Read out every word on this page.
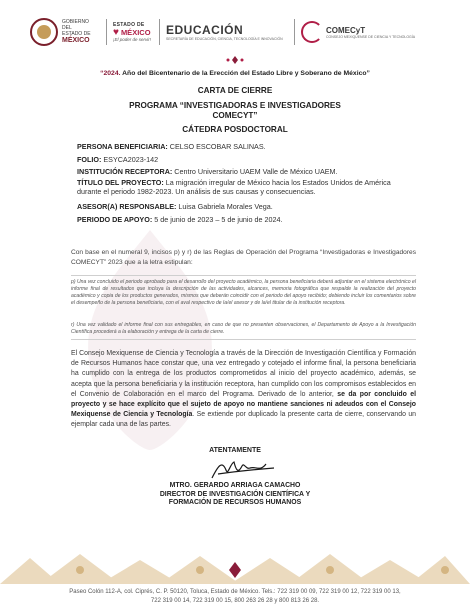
GOBIERNO DEL
ESTADO DE
MÉXICO
ESTADO DE
♥ MÉXICO
¡El poder de servir!
EDUCACIÓN
SECRETARÍA DE EDUCACIÓN, CIENCIA, TECNOLOGÍA E INNOVACIÓN
COMECyT
CONSEJO MEXIQUENSE DE CIENCIA Y TECNOLOGÍA
“2024. Año del Bicentenario de la Erección del Estado Libre y Soberano de México”
CARTA DE CIERRE
PROGRAMA “INVESTIGADORAS E INVESTIGADORES
COMECYT”
CÁTEDRA POSDOCTORAL
PERSONA BENEFICIARIA: CELSO ESCOBAR SALINAS.
FOLIO: ESYCA2023-142
INSTITUCIÓN RECEPTORA: Centro Universitario UAEM Valle de México UAEM.
TÍTULO DEL PROYECTO: La migración irregular de México hacia los Estados Unidos de América durante el periodo 1982-2023. Un análisis de sus causas y consecuencias.
ASESOR(A) RESPONSABLE: Luisa Gabriela Morales Vega.
PERIODO DE APOYO: 5 de junio de 2023 – 5 de junio de 2024.
Con base en el numeral 9, incisos p) y r) de las Reglas de Operación del Programa “Investigadoras e Investigadores COMECYT” 2023 que a la letra estipulan:
p) Una vez concluido el periodo aprobado para el desarrollo del proyecto académico, la persona beneficiaria deberá adjuntar en el sistema electrónico el informe final de resultados que incluya la descripción de las actividades, alcances, memoria fotográfica que respalde la realización del proyecto académico y copia de los productos generados, mismos que deberán coincidir con el periodo del apoyo recibido; debiendo incluir los comentarios sobre el desempeño de la persona beneficiaria, con el aval respectivo de la/el asesor y de la/el titular de la institución receptora.
r) Una vez validado el informe final con sus entregables, en caso de que no presenten observaciones, el Departamento de Apoyo a la Investigación Científica procederá a la elaboración y entrega de la carta de cierre.
El Consejo Mexiquense de Ciencia y Tecnología a través de la Dirección de Investigación Científica y Formación de Recursos Humanos hace constar que, una vez entregado y cotejado el informe final, la persona beneficiaria ha cumplido con la entrega de los productos comprometidos al inicio del proyecto académico, además, se acepta que la persona beneficiaria y la institución receptora, han cumplido con los compromisos establecidos en el Convenio de Colaboración en el marco del Programa. Derivado de lo anterior, se da por concluido el proyecto y se hace explícito que el sujeto de apoyo no mantiene sanciones ni adeudos con el Consejo Mexiquense de Ciencia y Tecnología. Se extiende por duplicado la presente carta de cierre, conservando un ejemplar cada una de las partes.
ATENTAMENTE
MTRO. GERARDO ARRIAGA CAMACHO
DIRECTOR DE INVESTIGACIÓN CIENTÍFICA Y
FORMACIÓN DE RECURSOS HUMANOS
Paseo Colón 112-A, col. Ciprés, C. P. 50120, Toluca, Estado de México. Tels.: 722 319 00 09, 722 319 00 12, 722 319 00 13,
722 319 00 14, 722 319 00 15, 800 263 26 28 y 800 813 26 28.
